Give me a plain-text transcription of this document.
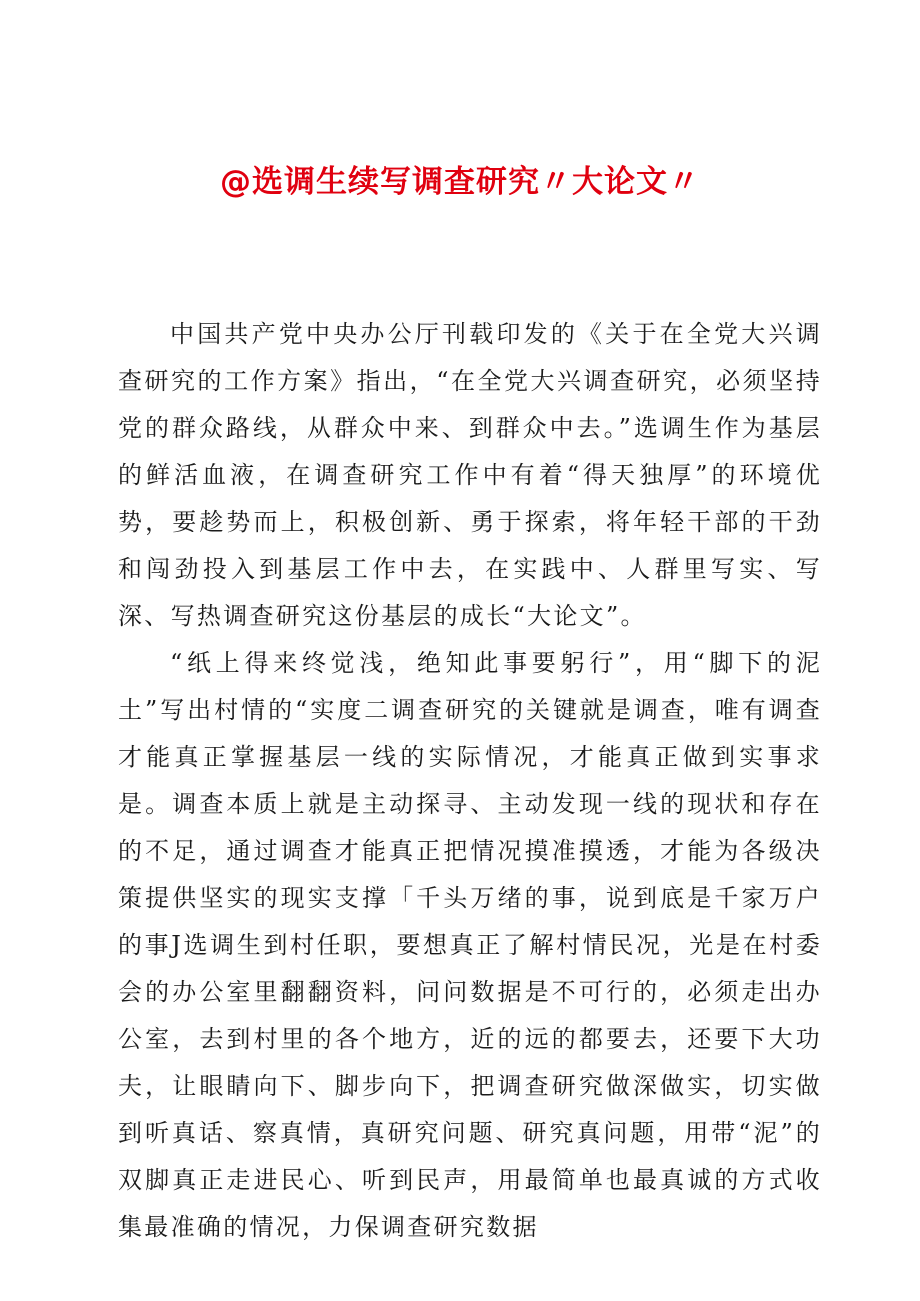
@选调生续写调查研究〃大论文〃

中国共产党中央办公厅刊载印发的《关于在全党大兴调查研究的工作方案》指出，“在全党大兴调查研究，必须坚持党的群众路线，从群众中来、到群众中去。”选调生作为基层的鲜活血液，在调查研究工作中有着“得天独厚”的环境优势，要趁势而上，积极创新、勇于探索，将年轻干部的干劲和闯劲投入到基层工作中去，在实践中、人群里写实、写深、写热调查研究这份基层的成长“大论文”。

“纸上得来终觉浅，绝知此事要躬行”，用“脚下的泥土”写出村情的“实度二调查研究的关键就是调查，唯有调查才能真正掌握基层一线的实际情况，才能真正做到实事求是。调查本质上就是主动探寻、主动发现一线的现状和存在的不足，通过调查才能真正把情况摸准摸透，才能为各级决策提供坚实的现实支撑「千头万绪的事，说到底是千家万户的事J选调生到村任职，要想真正了解村情民况，光是在村委会的办公室里翻翻资料，问问数据是不可行的，必须走出办公室，去到村里的各个地方，近的远的都要去，还要下大功夫，让眼睛向下、脚步向下，把调查研究做深做实，切实做到听真话、察真情，真研究问题、研究真问题，用带“泥”的双脚真正走进民心、听到民声，用最简单也最真诚的方式收集最准确的情况，力保调查研究数据
